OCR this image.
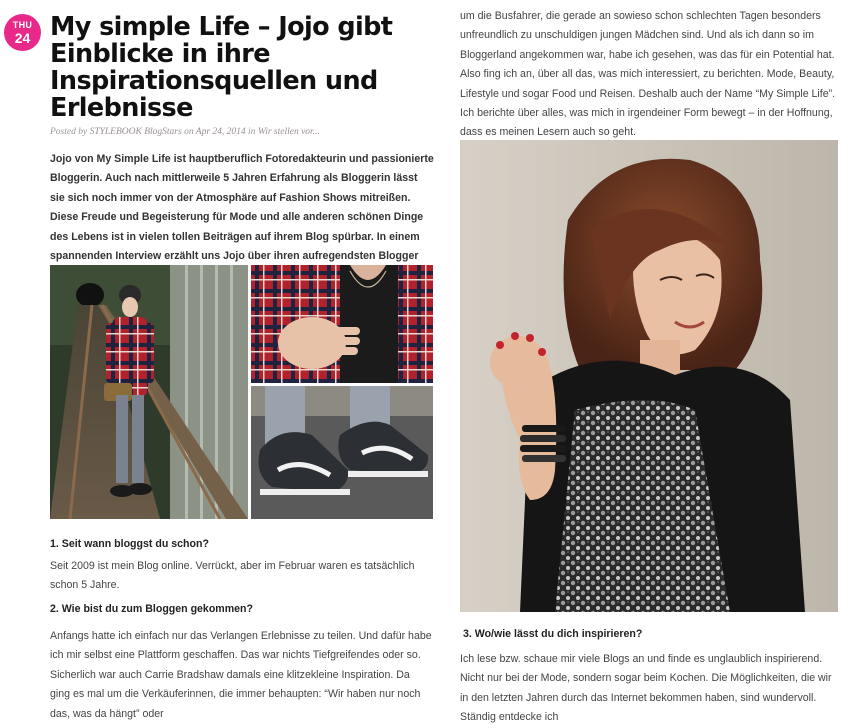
THU
24 My simple Life – Jojo gibt Einblicke in ihre Inspirationsquellen und Erlebnisse
Posted by STYLEBOOK BlogStars on Apr 24, 2014 in Wir stellen vor...

Jojo von My Simple Life ist hauptberuflich Fotoredakteurin und passionierte Bloggerin. Auch nach mittlerweile 5 Jahren Erfahrung als Bloggerin lässt sie sich noch immer von der Atmosphäre auf Fashion Shows mitreißen. Diese Freude und Begeisterung für Mode und alle anderen schönen Dinge des Lebens ist in vielen tollen Beiträgen auf ihrem Blog spürbar. In einem spannenden Interview erzählt uns Jojo über ihren aufregendsten Blogger

1. Seit wann bloggst du schon?

Seit 2009 ist mein Blog online. Verrückt, aber im Februar waren es tatsächlich schon 5 Jahre.

2. Wie bist du zum Bloggen gekommen?

Anfangs hatte ich einfach nur das Verlangen Erlebnisse zu teilen. Und dafür habe ich mir selbst eine Plattform geschaffen. Das war nichts Tiefgreifendes oder so. Sicherlich war auch Carrie Bradshaw damals eine klitzekleine Inspiration. Da ging es mal um die Verkäuferinnen, die immer behaupten: “Wir haben nur noch das, was da hängt” oder

um die Busfahrer, die gerade an sowieso schon schlechten Tagen besonders unfreundlich zu unschuldigen jungen Mädchen sind. Und als ich dann so im Bloggerland angekommen war, habe ich gesehen, was das für ein Potential hat. Also fing ich an, über all das, was mich interessiert, zu berichten. Mode, Beauty, Lifestyle und sogar Food und Reisen. Deshalb auch der Name “My Simple Life”. Ich berichte über alles, was mich in irgendeiner Form bewegt – in der Hoffnung, dass es meinen Lesern auch so geht.

3. Wo/wie lässt du dich inspirieren?

Ich lese bzw. schaue mir viele Blogs an und finde es unglaublich inspirierend. Nicht nur bei der Mode, sondern sogar beim Kochen. Die Möglichkeiten, die wir in den letzten Jahren durch das Internet bekommen haben, sind wundervoll. Ständig entdecke ich
